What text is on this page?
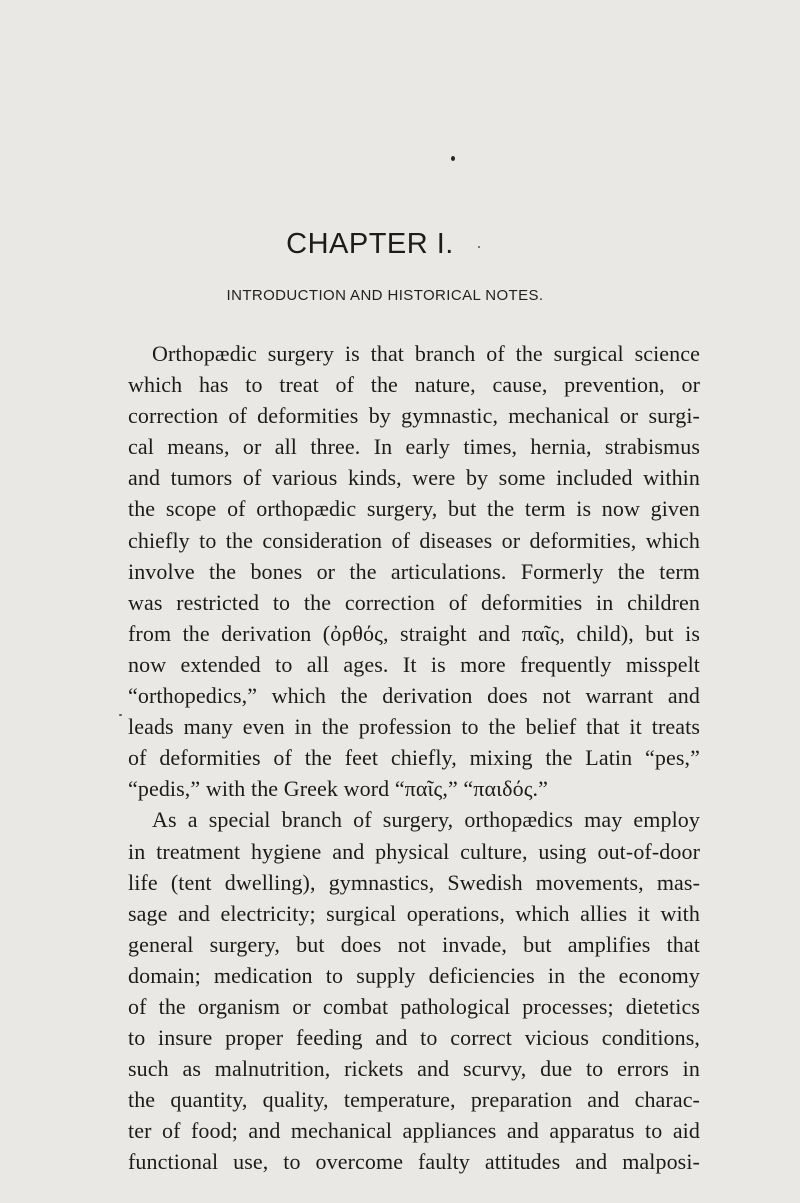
CHAPTER I.
INTRODUCTION AND HISTORICAL NOTES.
Orthopædic surgery is that branch of the surgical science
which has to treat of the nature, cause, prevention, or
correction of deformities by gymnastic, mechanical or surgi-
cal means, or all three. In early times, hernia, strabismus
and tumors of various kinds, were by some included within
the scope of orthopædic surgery, but the term is now given
chiefly to the consideration of diseases or deformities, which
involve the bones or the articulations. Formerly the term
was restricted to the correction of deformities in children
from the derivation (ὀρθός, straight and παῖς, child), but is
now extended to all ages. It is more frequently misspelt
“orthopedics,” which the derivation does not warrant and
leads many even in the profession to the belief that it treats
of deformities of the feet chiefly, mixing the Latin “pes,”
“pedis,” with the Greek word “παῖς,” “παιδός.”
As a special branch of surgery, orthopædics may employ
in treatment hygiene and physical culture, using out-of-door
life (tent dwelling), gymnastics, Swedish movements, mas-
sage and electricity; surgical operations, which allies it with
general surgery, but does not invade, but amplifies that
domain; medication to supply deficiencies in the economy
of the organism or combat pathological processes; dietetics
to insure proper feeding and to correct vicious conditions,
such as malnutrition, rickets and scurvy, due to errors in
the quantity, quality, temperature, preparation and charac-
ter of food; and mechanical appliances and apparatus to aid
functional use, to overcome faulty attitudes and malposi-
